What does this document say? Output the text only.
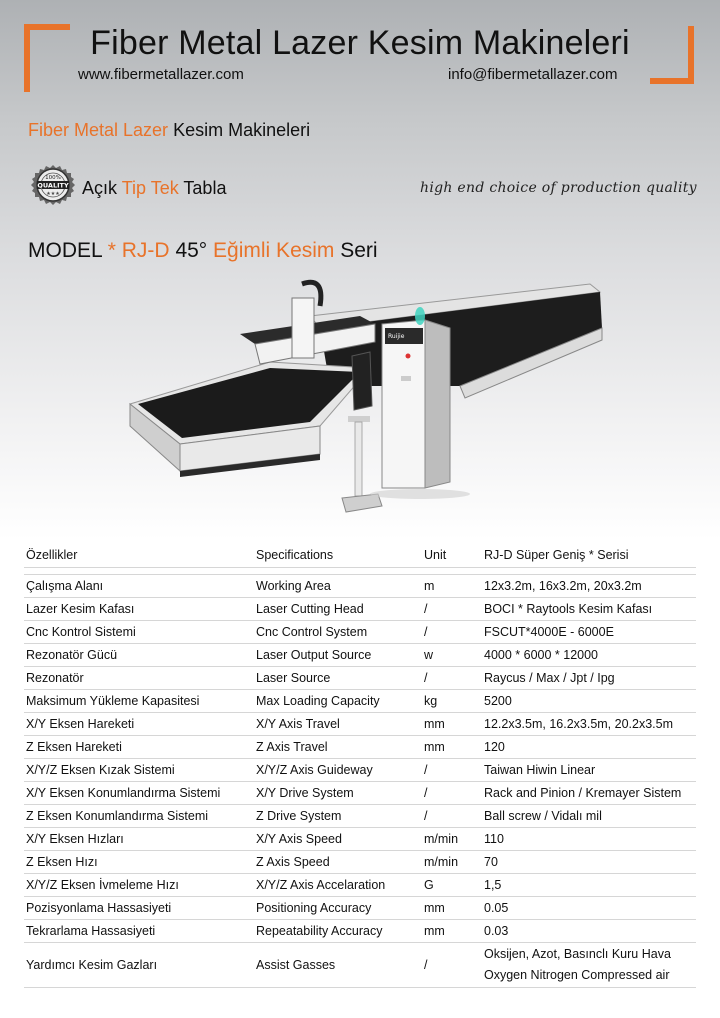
Fiber Metal Lazer Kesim Makineleri
www.fibermetallazer.com	info@fibermetallazer.com
Fiber Metal Lazer Kesim Makineleri
100%
QUALITY
★★★ Açık Tip Tek Tabla	high end choice of production quality
MODEL * RJ-D 45° Eğimli Kesim Seri
Ruijie
Özellikler	Specifications	Unit	RJ-D Süper Geniş * Serisi
Çalışma Alanı	Working Area	m	12x3.2m, 16x3.2m, 20x3.2m
Lazer Kesim Kafası	Laser Cutting Head	/	BOCI * Raytools Kesim Kafası
Cnc Kontrol Sistemi	Cnc Control System	/	FSCUT*4000E - 6000E
Rezonatör Gücü	Laser Output Source	w	4000 * 6000 * 12000
Rezonatör	Laser Source	/	Raycus / Max / Jpt / Ipg
Maksimum Yükleme Kapasitesi	Max Loading Capacity	kg	5200
X/Y Eksen Hareketi	X/Y Axis Travel	mm	12.2x3.5m, 16.2x3.5m, 20.2x3.5m
Z Eksen Hareketi	Z Axis Travel	mm	120
X/Y/Z Eksen Kızak Sistemi	X/Y/Z Axis Guideway	/	Taiwan Hiwin Linear
X/Y Eksen Konumlandırma Sistemi	X/Y Drive System	/	Rack and Pinion / Kremayer Sistem
Z Eksen Konumlandırma Sistemi	Z Drive System	/	Ball screw / Vidalı mil
X/Y Eksen Hızları	X/Y Axis Speed	m/min 110
Z Eksen Hızı	Z Axis Speed	m/min 70
X/Y/Z Eksen İvmeleme Hızı	X/Y/Z Axis Accelaration	G	1,5
Pozisyonlama Hassasiyeti	Positioning Accuracy	mm	0.05
Tekrarlama Hassasiyeti	Repeatability Accuracy	mm	0.03
Yardımcı Kesim Gazları	Assist Gasses	/
Oksijen, Azot, Basınclı Kuru Hava
Oxygen Nitrogen Compressed air
